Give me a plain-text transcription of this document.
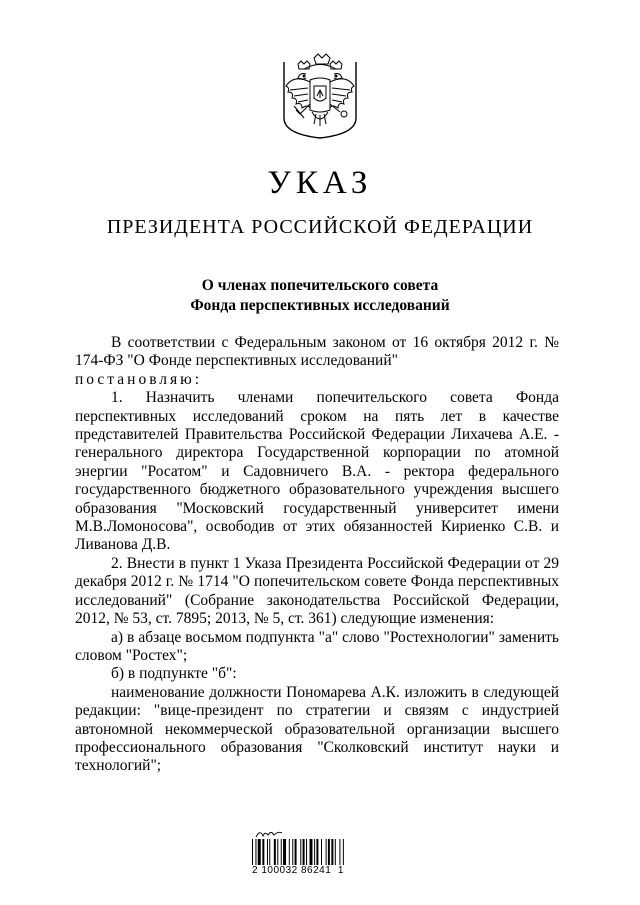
УКАЗ
ПРЕЗИДЕНТА РОССИЙСКОЙ ФЕДЕРАЦИИ
О членах попечительского совета
Фонда перспективных исследований

В соответствии с Федеральным законом от 16 октября 2012 г. № 174-ФЗ "О Фонде перспективных исследований"

постановляю:

1. Назначить членами попечительского совета Фонда перспективных исследований сроком на пять лет в качестве представителей Правительства Российской Федерации Лихачева А.Е. - генерального директора Государственной корпорации по атомной энергии "Росатом" и Садовничего В.А. - ректора федерального государственного бюджетного образовательного учреждения высшего образования "Московский государственный университет имени М.В.Ломоносова", освободив от этих обязанностей Кириенко С.В. и Ливанова Д.В.

2. Внести в пункт 1 Указа Президента Российской Федерации от 29 декабря 2012 г. № 1714 "О попечительском совете Фонда перспективных исследований" (Собрание законодательства Российской Федерации, 2012, № 53, ст. 7895; 2013, № 5, ст. 361) следующие изменения:

а) в абзаце восьмом подпункта "а" слово "Ростехнологии" заменить словом "Ростех";

б) в подпункте "б":

наименование должности Пономарева А.К. изложить в следующей редакции: "вице-президент по стратегии и связям с индустрией автономной некоммерческой образовательной организации высшего профессионального образования "Сколковский институт науки и технологий";

2 100032 86241  1
